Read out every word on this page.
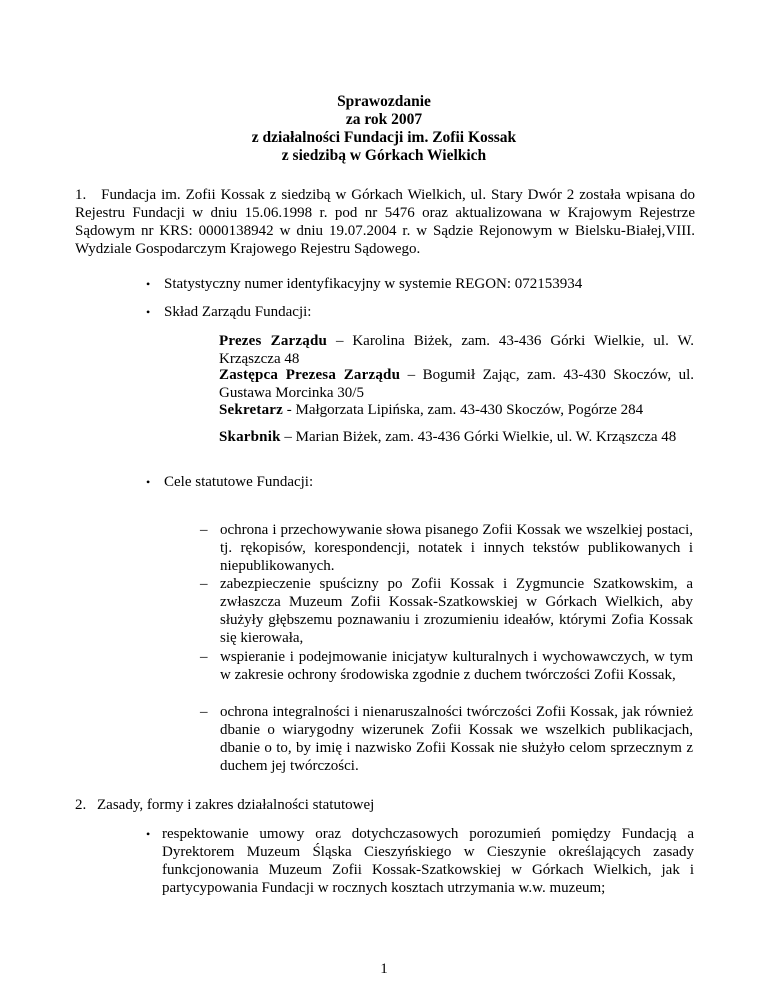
Sprawozdanie
za rok 2007
z działalności Fundacji im. Zofii Kossak
z siedzibą w Górkach Wielkich
1. Fundacja im. Zofii Kossak z siedzibą w Górkach Wielkich, ul. Stary Dwór 2 została wpisana do Rejestru Fundacji w dniu 15.06.1998 r. pod nr 5476 oraz aktualizowana w Krajowym Rejestrze Sądowym nr KRS: 0000138942 w dniu 19.07.2004 r. w Sądzie Rejonowym w Bielsku-Białej,VIII. Wydziale Gospodarczym Krajowego Rejestru Sądowego.
• Statystyczny numer identyfikacyjny w systemie REGON: 072153934
• Skład Zarządu Fundacji:
Prezes Zarządu – Karolina Biżek, zam. 43-436 Górki Wielkie, ul. W. Krząszcza 48
Zastępca Prezesa Zarządu – Bogumił Zając, zam. 43-430 Skoczów, ul. Gustawa Morcinka 30/5
Sekretarz - Małgorzata Lipińska, zam. 43-430 Skoczów, Pogórze 284
Skarbnik – Marian Biżek, zam. 43-436 Górki Wielkie, ul. W. Krząszcza 48
• Cele statutowe Fundacji:
– ochrona i przechowywanie słowa pisanego Zofii Kossak we wszelkiej postaci, tj. rękopisów, korespondencji, notatek i innych tekstów publikowanych i niepublikowanych.
– zabezpieczenie spuścizny po Zofii Kossak i Zygmuncie Szatkowskim, a zwłaszcza Muzeum Zofii Kossak-Szatkowskiej w Górkach Wielkich, aby służyły głębszemu poznawaniu i zrozumieniu ideałów, którymi Zofia Kossak się kierowała,
– wspieranie i podejmowanie inicjatyw kulturalnych i wychowawczych, w tym w zakresie ochrony środowiska zgodnie z duchem twórczości Zofii Kossak,
– ochrona integralności i nienaruszalności twórczości Zofii Kossak, jak również dbanie o wiarygodny wizerunek Zofii Kossak we wszelkich publikacjach, dbanie o to, by imię i nazwisko Zofii Kossak nie służyło celom sprzecznym z duchem jej twórczości.
2. Zasady, formy i zakres działalności statutowej
• respektowanie umowy oraz dotychczasowych porozumień pomiędzy Fundacją a Dyrektorem Muzeum Śląska Cieszyńskiego w Cieszynie określających zasady funkcjonowania Muzeum Zofii Kossak-Szatkowskiej w Górkach Wielkich, jak i partycypowania Fundacji w rocznych kosztach utrzymania w.w. muzeum;
1
